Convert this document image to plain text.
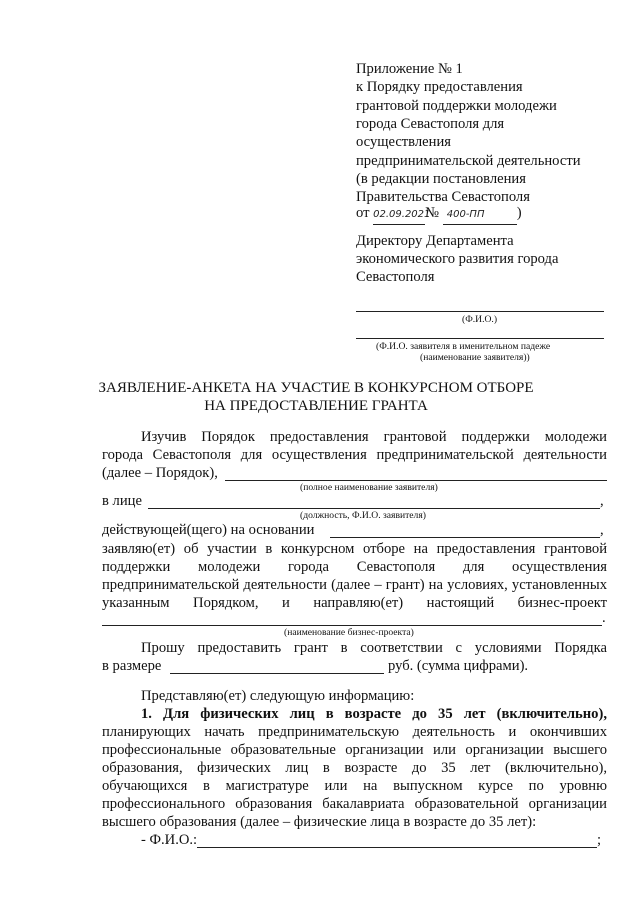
Приложение № 1
к Порядку предоставления
грантовой поддержки молодежи
города Севастополя для
осуществления
предпринимательской деятельности
(в редакции постановления
Правительства Севастополя
от 02.09.2021№ 400-ПП )
Директору Департамента
экономического развития города
Севастополя
(Ф.И.О.)
(Ф.И.О. заявителя в именительном падеже
(наименование заявителя))
ЗАЯВЛЕНИЕ-АНКЕТА НА УЧАСТИЕ В КОНКУРСНОМ ОТБОРЕ
НА ПРЕДОСТАВЛЕНИЕ ГРАНТА
Изучив Порядок предоставления грантовой поддержки молодежи
города Севастополя для осуществления предпринимательской деятельности
(далее – Порядок),
(полное наименование заявителя)
в лице	,
(должность, Ф.И.О. заявителя)
действующей(щего) на основании	,
заявляю(ет) об участии в конкурсном отборе на предоставления грантовой
поддержки молодежи города Севастополя для осуществления
предпринимательской деятельности (далее – грант) на условиях, установленных
указанным Порядком, и направляю(ет) настоящий бизнес-проект
.
(наименование бизнес-проекта)
Прошу предоставить грант в соответствии с условиями Порядка
в размере	руб. (сумма цифрами).
Представляю(ет) следующую информацию:
1. Для физических лиц в возрасте до 35 лет (включительно),
планирующих начать предпринимательскую деятельность и окончивших
профессиональные образовательные организации или организации высшего
образования, физических лиц в возрасте до 35 лет (включительно),
обучающихся в магистратуре или на выпускном курсе по уровню
профессионального образования бакалавриата образовательной организации
высшего образования (далее – физические лица в возрасте до 35 лет):
- Ф.И.О.:	;
